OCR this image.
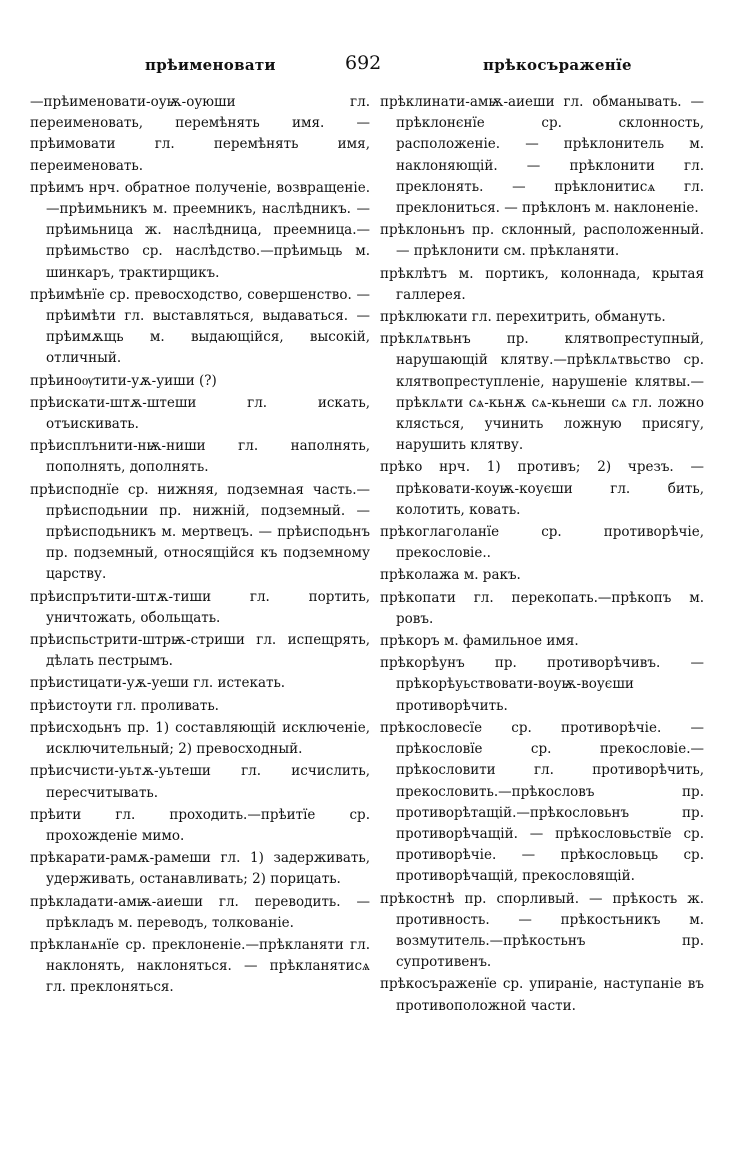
прѣименовати	692	прѣкосъраженїе

—прѣименовати-оуѭ-оуюши гл. переименовать, перемѣнять имя. —прѣимовати гл. перемѣнять имя, переименовать.

прѣимъ нрч. обратное полученіе, возвращеніе.—прѣимьникъ м. преемникъ, наслѣдникъ. — прѣимьница ж. наслѣдница, преемница.—прѣимьство ср. наслѣдство.—прѣимьць м. шинкаръ, трактирщикъ.

прѣимѣнїе ср. превосходство, совершенство. — прѣимѣти гл. выставляться, выдаваться. — прѣимѫщь м. выдающійся, высокій, отличный.

прѣиноѹтити-уѫ-уиши (?)

прѣискати-штѫ-штеши гл. искать, отъискивать.

прѣисплънити-нѭ-ниши гл. наполнять, пополнять, дополнять.

прѣисподнїе ср. нижняя, подземная часть.—прѣисподьнии пр. нижній, подземный. — прѣисподьникъ м. мертвецъ. — прѣисподьнъ пр. подземный, относящійся къ подземному царству.

прѣиспрътити-штѫ-тиши гл. портить, уничтожать, обольщать.

прѣиспьстрити-штрѭ-стриши гл. испещрять, дѣлать пестрымъ.

прѣистицати-уѫ-уеши гл. истекать.

прѣистоути гл. проливать.

прѣисходьнъ пр. 1) составляющій исключеніе, исключительный; 2) превосходный.

прѣисчисти-уьтѫ-уьтеши гл. исчислить, пересчитывать.

прѣити гл. проходить.—прѣитїе ср. прохожденіе мимо.

прѣкарати-рамѫ-рамеши гл. 1) задерживать, удерживать, останавливать; 2) порицать.

прѣкладати-амѭ-аиеши гл. переводить. —прѣкладъ м. переводъ, толкованіе.

прѣкланѧнїе ср. преклоненіе.—прѣкланяти гл. наклонять, наклоняться. — прѣкланятисѧ гл. преклоняться.

прѣклинати-амѭ-аиеши гл. обманывать. — прѣклонєнїе ср. склонность, расположеніе. — прѣклонитель м. наклоняющій. — прѣклонити гл. преклонять. — прѣклонитисѧ гл. преклониться. — прѣклонъ м. наклоненіе.

прѣклоньнъ пр. склонный, расположенный. — прѣклонити см. прѣкланяти.

прѣклѣтъ м. портикъ, колоннада, крытая галлерея.

прѣклюкати гл. перехитрить, обмануть.

прѣклѧтвьнъ пр. клятвопреступный, нарушающій клятву.—прѣклѧтвьство ср. клятвопреступленіе, нарушеніе клятвы.—прѣклѧти сѧ-кьнѫ сѧ-кьнеши сѧ гл. ложно клясться, учинить ложную присягу, нарушить клятву.

прѣко нрч. 1) противъ; 2) чрезъ. — прѣковати-коуѭ-коуєши гл. бить, колотить, ковать.

прѣкоглаголанїе ср. противорѣчіе, прекословіе..

прѣколажа м. ракъ.

прѣкопати гл. перекопать.—прѣкопъ м. ровъ.

прѣкоръ м. фамильное имя.

прѣкорѣунъ пр. противорѣчивъ. — прѣкорѣуьствовати-воуѭ-воуєши противорѣчить.

прѣкословесїе ср. противорѣчіе. — прѣкословїе ср. прекословіе.—прѣкословити гл. противорѣчить, прекословить.—прѣкословъ пр. противорѣтащій.—прѣкословьнъ пр. противорѣчащій. — прѣкословьствїе ср. противорѣчіе. — прѣкословьць ср. противорѣчащій, прекословящій.

прѣкостнѣ пр. спорливый. — прѣкость ж. противность. — прѣкостьникъ м. возмутитель.—прѣкостьнъ пр. супротивенъ.

прѣкосъраженїе ср. упираніе, наступаніе въ противоположной части.
